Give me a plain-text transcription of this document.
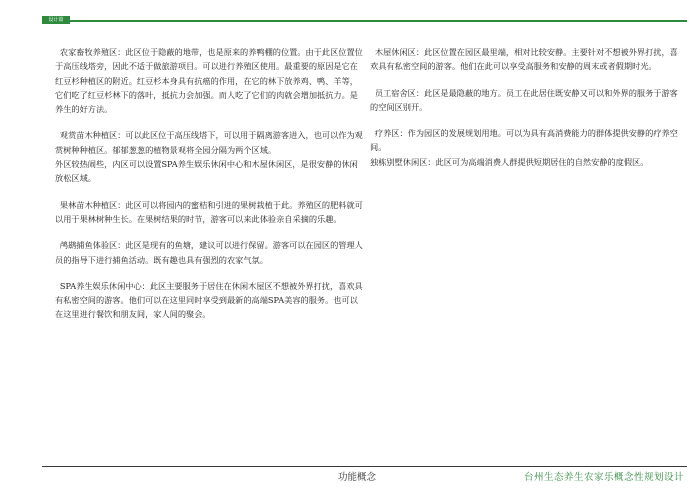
设计篇

农家畜牧养殖区：此区位于隐蔽的地带，也是原来的养鸭棚的位置。由于此区位置位于高压线塔旁，因此不适于做旅游项目。可以进行养殖区使用。最重要的原因是它在红豆杉种植区的附近。红豆杉本身具有抗癌的作用，在它的林下放养鸡、鸭、羊等，它们吃了红豆杉林下的落叶，抵抗力会加强。而人吃了它们的肉就会增加抵抗力。是养生的好方法。

观赏苗木种植区：可以此区位于高压线塔下，可以用于隔离游客进入，也可以作为观赏树种种植区。郁郁葱葱的植物景观将全园分隔为两个区域。

外区较热闹些，内区可以设置SPA养生娱乐休闲中心和木屋休闲区，是很安静的休闲放松区域。

果林苗木种植区：此区可以将园内的蜜桔和引进的果树栽植于此。养殖区的肥料就可以用于果林树种生长。在果树结果的时节，游客可以来此体验亲自采摘的乐趣。

鸬鹚捕鱼体验区：此区是现有的鱼塘，建议可以进行保留。游客可以在园区的管理人员的指导下进行捕鱼活动。既有趣也具有强烈的农家气氛。

SPA养生娱乐休闲中心：此区主要服务于居住在休闲木屋区不想被外界打扰，喜欢具有私密空间的游客。他们可以在这里同时享受到最新的高端SPA美容的服务。也可以在这里进行餐饮和朋友间，家人间的聚会。

木屋休闲区：此区位置在园区最里端，相对比较安静。主要针对不想被外界打扰，喜欢具有私密空间的游客。他们在此可以享受高服务和安静的周末或者假期时光。

员工宿舍区：此区是最隐蔽的地方。员工在此居住既安静又可以和外界的服务于游客的空间区别开。

疗养区：作为园区的发展规划用地。可以为具有高消费能力的群体提供安静的疗养空间。

独栋别墅休闲区：此区可为高端消费人群提供短期居住的自然安静的度假区。

功能概念	台州生态养生农家乐概念性规划设计
